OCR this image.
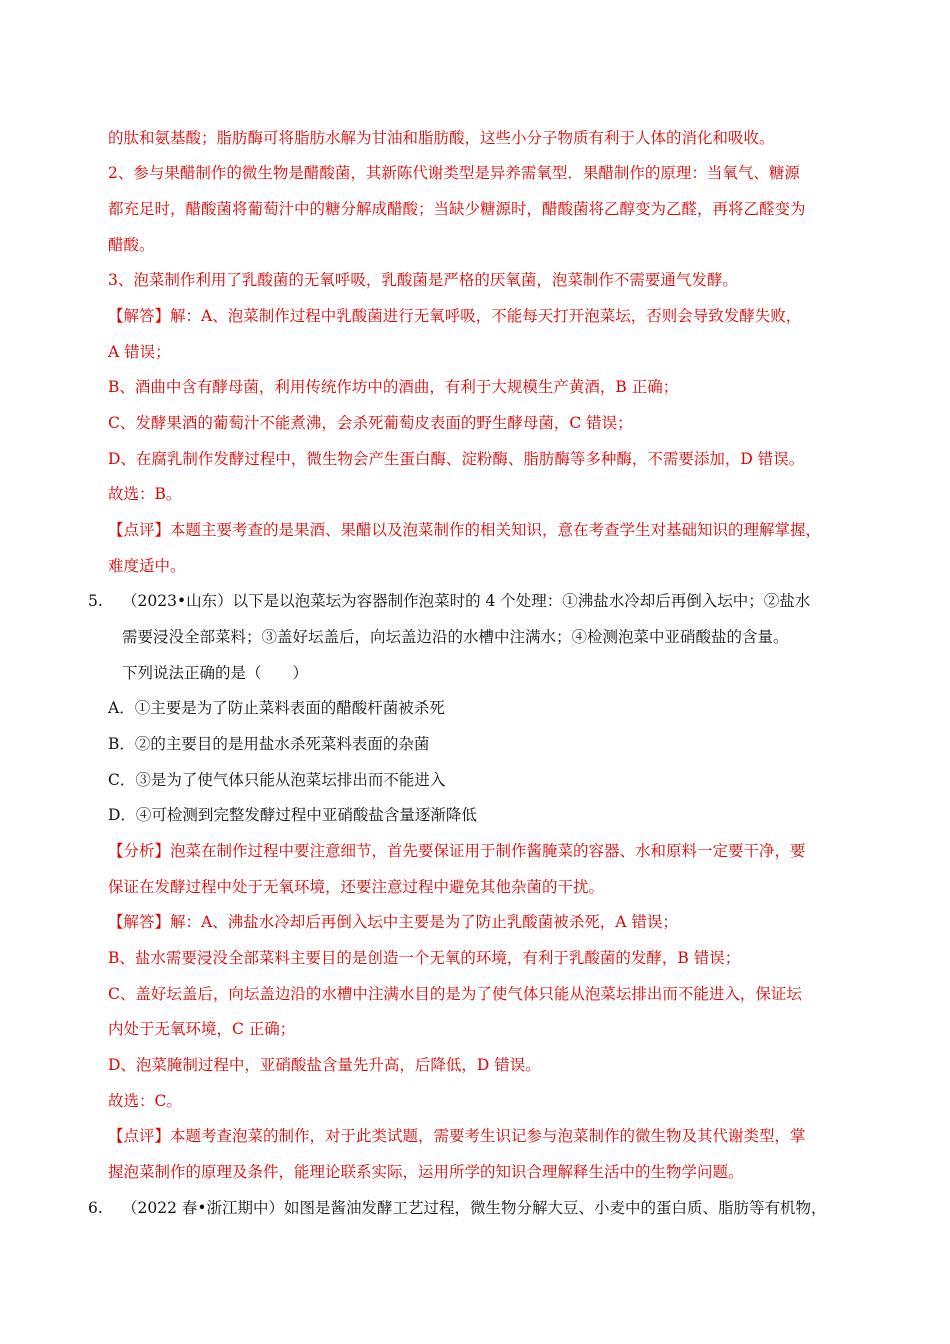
的肽和氨基酸；脂肪酶可将脂肪水解为甘油和脂肪酸，这些小分子物质有利于人体的消化和吸收。
2、参与果醋制作的微生物是醋酸菌，其新陈代谢类型是异养需氧型．果醋制作的原理：当氧气、糖源
都充足时，醋酸菌将葡萄汁中的糖分解成醋酸；当缺少糖源时，醋酸菌将乙醇变为乙醛，再将乙醛变为
醋酸。
3、泡菜制作利用了乳酸菌的无氧呼吸，乳酸菌是严格的厌氧菌，泡菜制作不需要通气发酵。
【解答】解：A、泡菜制作过程中乳酸菌进行无氧呼吸，不能每天打开泡菜坛，否则会导致发酵失败，
A 错误；
B、酒曲中含有酵母菌，利用传统作坊中的酒曲，有利于大规模生产黄酒，B 正确；
C、发酵果酒的葡萄汁不能煮沸，会杀死葡萄皮表面的野生酵母菌，C 错误；
D、在腐乳制作发酵过程中，微生物会产生蛋白酶、淀粉酶、脂肪酶等多种酶，不需要添加，D 错误。
故选：B。
【点评】本题主要考查的是果酒、果醋以及泡菜制作的相关知识，意在考查学生对基础知识的理解掌握，
难度适中。
5. （2023•山东）以下是以泡菜坛为容器制作泡菜时的 4 个处理：①沸盐水冷却后再倒入坛中；②盐水
需要浸没全部菜料；③盖好坛盖后，向坛盖边沿的水槽中注满水；④检测泡菜中亚硝酸盐的含量。
下列说法正确的是（　　）
A．①主要是为了防止菜料表面的醋酸杆菌被杀死
B．②的主要目的是用盐水杀死菜料表面的杂菌
C．③是为了使气体只能从泡菜坛排出而不能进入
D．④可检测到完整发酵过程中亚硝酸盐含量逐渐降低
【分析】泡菜在制作过程中要注意细节，首先要保证用于制作酱腌菜的容器、水和原料一定要干净，要
保证在发酵过程中处于无氧环境，还要注意过程中避免其他杂菌的干扰。
【解答】解：A、沸盐水冷却后再倒入坛中主要是为了防止乳酸菌被杀死，A 错误；
B、盐水需要浸没全部菜料主要目的是创造一个无氧的环境，有利于乳酸菌的发酵，B 错误；
C、盖好坛盖后，向坛盖边沿的水槽中注满水目的是为了使气体只能从泡菜坛排出而不能进入，保证坛
内处于无氧环境，C 正确；
D、泡菜腌制过程中，亚硝酸盐含量先升高，后降低，D 错误。
故选：C。
【点评】本题考查泡菜的制作，对于此类试题，需要考生识记参与泡菜制作的微生物及其代谢类型，掌
握泡菜制作的原理及条件，能理论联系实际，运用所学的知识合理解释生活中的生物学问题。
6. （2022 春•浙江期中）如图是酱油发酵工艺过程，微生物分解大豆、小麦中的蛋白质、脂肪等有机物，
